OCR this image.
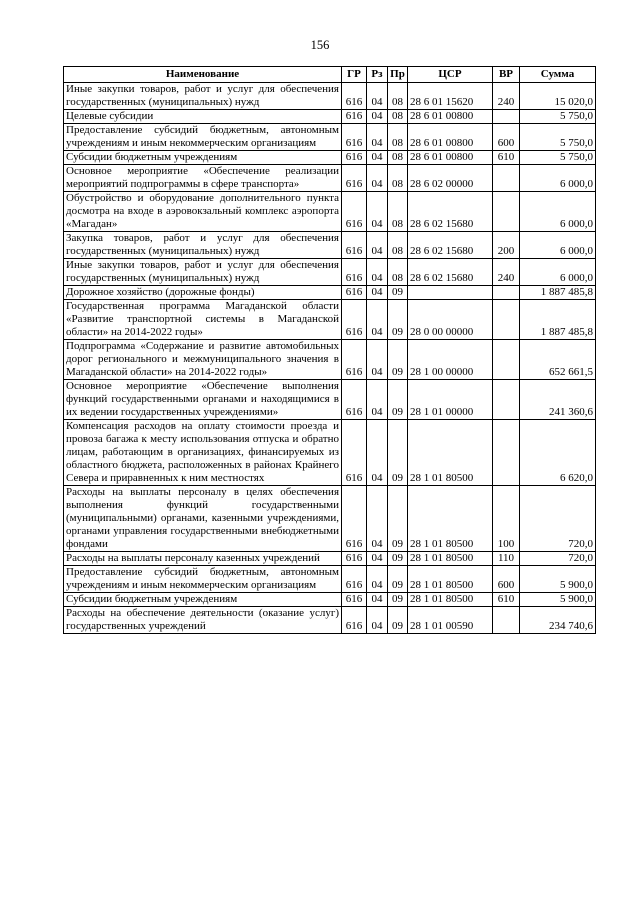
156
Наименование	ГР	Рз	Пр	ЦСР	ВР	Сумма
Иные закупки товаров, работ и услуг для обеспечения государственных (муниципальных) нужд	616	04	08	28 6 01 15620	240	15 020,0
Целевые субсидии	616	04	08	28 6 01 00800		5 750,0
Предоставление субсидий бюджетным, автономным учреждениям и иным некоммерческим организациям	616	04	08	28 6 01 00800	600	5 750,0
Субсидии бюджетным учреждениям	616	04	08	28 6 01 00800	610	5 750,0
Основное мероприятие «Обеспечение реализации мероприятий подпрограммы в сфере транспорта»	616	04	08	28 6 02 00000		6 000,0
Обустройство и оборудование дополнительного пункта досмотра на входе в аэровокзальный комплекс аэропорта «Магадан»	616	04	08	28 6 02 15680		6 000,0
Закупка товаров, работ и услуг для обеспечения государственных (муниципальных) нужд	616	04	08	28 6 02 15680	200	6 000,0
Иные закупки товаров, работ и услуг для обеспечения государственных (муниципальных) нужд	616	04	08	28 6 02 15680	240	6 000,0
Дорожное хозяйство (дорожные фонды)	616	04	09			1 887 485,8
Государственная программа Магаданской области «Развитие транспортной системы в Магаданской области» на 2014-2022 годы»	616	04	09	28 0 00 00000		1 887 485,8
Подпрограмма «Содержание и развитие автомобильных дорог регионального и межмуниципального значения в Магаданской области» на 2014-2022 годы»	616	04	09	28 1 00 00000		652 661,5
Основное мероприятие «Обеспечение выполнения функций государственными органами и находящимися в их ведении государственных учреждениями»	616	04	09	28 1 01 00000		241 360,6
Компенсация расходов на оплату стоимости проезда и провоза багажа к месту использования отпуска и обратно лицам, работающим в организациях, финансируемых из областного бюджета, расположенных в районах Крайнего Севера и приравненных к ним местностях	616	04	09	28 1 01 80500		6 620,0
Расходы на выплаты персоналу в целях обеспечения выполнения функций государственными (муниципальными) органами, казенными учреждениями, органами управления государственными внебюджетными фондами	616	04	09	28 1 01 80500	100	720,0
Расходы на выплаты персоналу казенных учреждений	616	04	09	28 1 01 80500	110	720,0
Предоставление субсидий бюджетным, автономным учреждениям и иным некоммерческим организациям	616	04	09	28 1 01 80500	600	5 900,0
Субсидии бюджетным учреждениям	616	04	09	28 1 01 80500	610	5 900,0
Расходы на обеспечение деятельности (оказание услуг) государственных учреждений	616	04	09	28 1 01 00590		234 740,6
